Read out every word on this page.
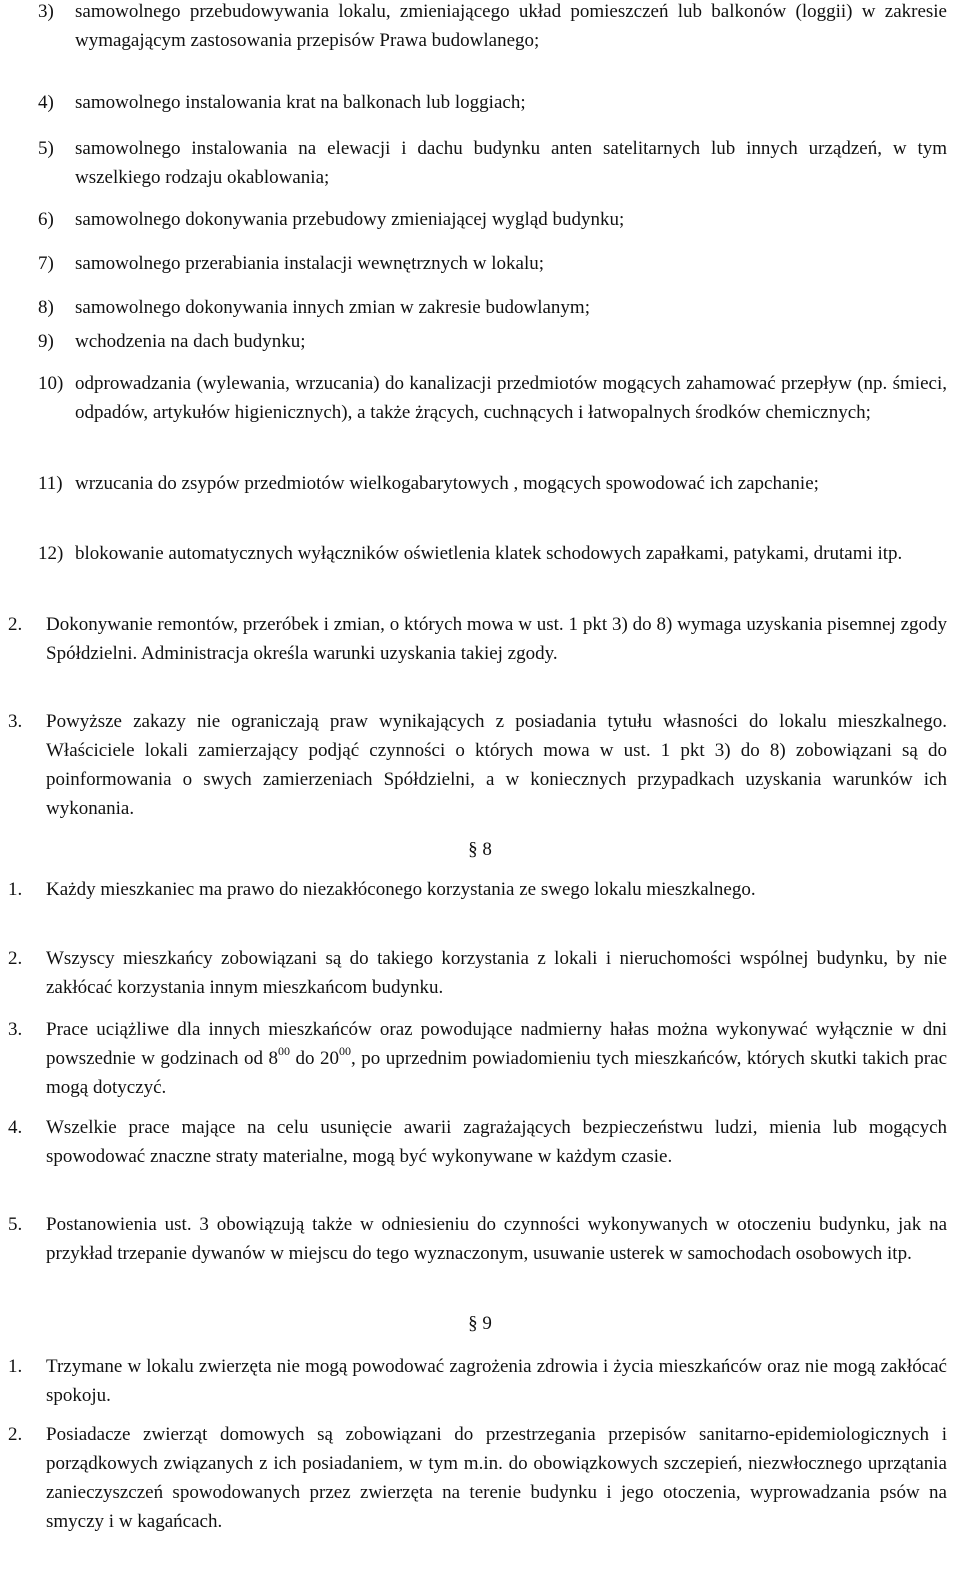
3)	samowolnego przebudowywania lokalu, zmieniającego układ pomieszczeń lub balkonów (loggii) w zakresie wymagającym zastosowania przepisów Prawa budowlanego;
4)	samowolnego instalowania krat na balkonach lub loggiach;
5)	samowolnego instalowania na elewacji i dachu budynku anten satelitarnych lub innych urządzeń, w tym wszelkiego rodzaju okablowania;
6)	samowolnego dokonywania przebudowy zmieniającej wygląd budynku;
7)	samowolnego przerabiania instalacji wewnętrznych w lokalu;
8)	samowolnego dokonywania innych zmian w zakresie budowlanym;
9)	wchodzenia na dach budynku;
10) odprowadzania (wylewania, wrzucania) do kanalizacji przedmiotów mogących zahamować przepływ (np. śmieci, odpadów, artykułów higienicznych), a także żrących, cuchnących i łatwopalnych środków chemicznych;
11) wrzucania do zsypów przedmiotów wielkogabarytowych , mogących spowodować ich zapchanie;
12) blokowanie automatycznych wyłączników oświetlenia klatek schodowych zapałkami, patykami, drutami itp.
2.	Dokonywanie remontów, przeróbek i zmian, o których mowa w ust. 1 pkt 3) do 8) wymaga uzyskania pisemnej zgody Spółdzielni. Administracja określa warunki uzyskania takiej zgody.
3.	Powyższe zakazy nie ograniczają praw wynikających z posiadania tytułu własności do lokalu mieszkalnego. Właściciele lokali zamierzający podjąć czynności o których mowa w ust. 1 pkt 3) do 8) zobowiązani są do poinformowania o swych zamierzeniach Spółdzielni, a w koniecznych przypadkach uzyskania warunków ich wykonania.
§ 8
1.	Każdy mieszkaniec ma prawo do niezakłóconego korzystania ze swego lokalu mieszkalnego.
2.	Wszyscy mieszkańcy zobowiązani są do takiego korzystania z lokali i nieruchomości wspólnej budynku, by nie zakłócać korzystania innym mieszkańcom budynku.
3.	Prace uciążliwe dla innych mieszkańców oraz powodujące nadmierny hałas można wykonywać wyłącznie w dni powszednie w godzinach od $8^{00}$ do $20^{00}$, po uprzednim powiadomieniu tych mieszkańców, których skutki takich prac mogą dotyczyć.
4.	Wszelkie prace mające na celu usunięcie awarii zagrażających bezpieczeństwu ludzi, mienia lub mogących spowodować znaczne straty materialne, mogą być wykonywane w każdym czasie.
5.	Postanowienia ust. 3 obowiązują także w odniesieniu do czynności wykonywanych w otoczeniu budynku, jak na przykład trzepanie dywanów w miejscu do tego wyznaczonym, usuwanie usterek w samochodach osobowych itp.
§ 9
1.	Trzymane w lokalu zwierzęta nie mogą powodować zagrożenia zdrowia i życia mieszkańców oraz nie mogą zakłócać spokoju.
2.	Posiadacze zwierząt domowych są zobowiązani do przestrzegania przepisów sanitarno-epidemiologicznych i porządkowych związanych z ich posiadaniem, w tym m.in. do obowiązkowych szczepień, niezwłocznego uprzątania zanieczyszczeń spowodowanych przez zwierzęta na terenie budynku i jego otoczenia, wyprowadzania psów na smyczy i w kagańcach.
